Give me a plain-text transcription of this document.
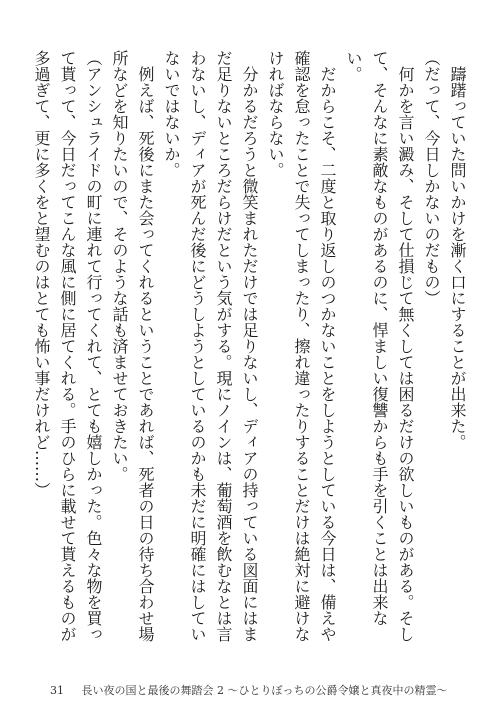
躊躇っていた問いかけを漸く口にすることが出来た。
（だって、今日しかないのだもの）
何かを言い澱み、そして仕損じて無くしては困るだけの欲しいものがある。そして、そんなに素敵なものがあるのに、悍ましい復讐からも手を引くことは出来ない。
だからこそ、二度と取り返しのつかないことをしようとしている今日は、備えや確認を怠ったことで失ってしまったり、擦れ違ったりすることだけは絶対に避けなければならない。
分かるだろうと微笑まれただけでは足りないし、ディアの持っている図面にはまだ足りないところだらけだという気がする。現にノインは、葡萄酒を飲むなとは言わないし、ディアが死んだ後にどうしようとしているのかも未だに明確にはしていないではないか。
例えば、死後にまた会ってくれるということであれば、死者の日の待ち合わせ場所などを知りたいので、そのような話も済ませておきたい。
（アンシュライドの町に連れて行ってくれて、とても嬉しかった。色々な物を買って貰って、今日だってこんな風に側に居てくれる。手のひらに載せて貰えるものが多過ぎて、更に多くをと望むのはとても怖い事だけれど……）
31 長い夜の国と最後の舞踏会 2 〜ひとりぼっちの公爵令嬢と真夜中の精霊〜
